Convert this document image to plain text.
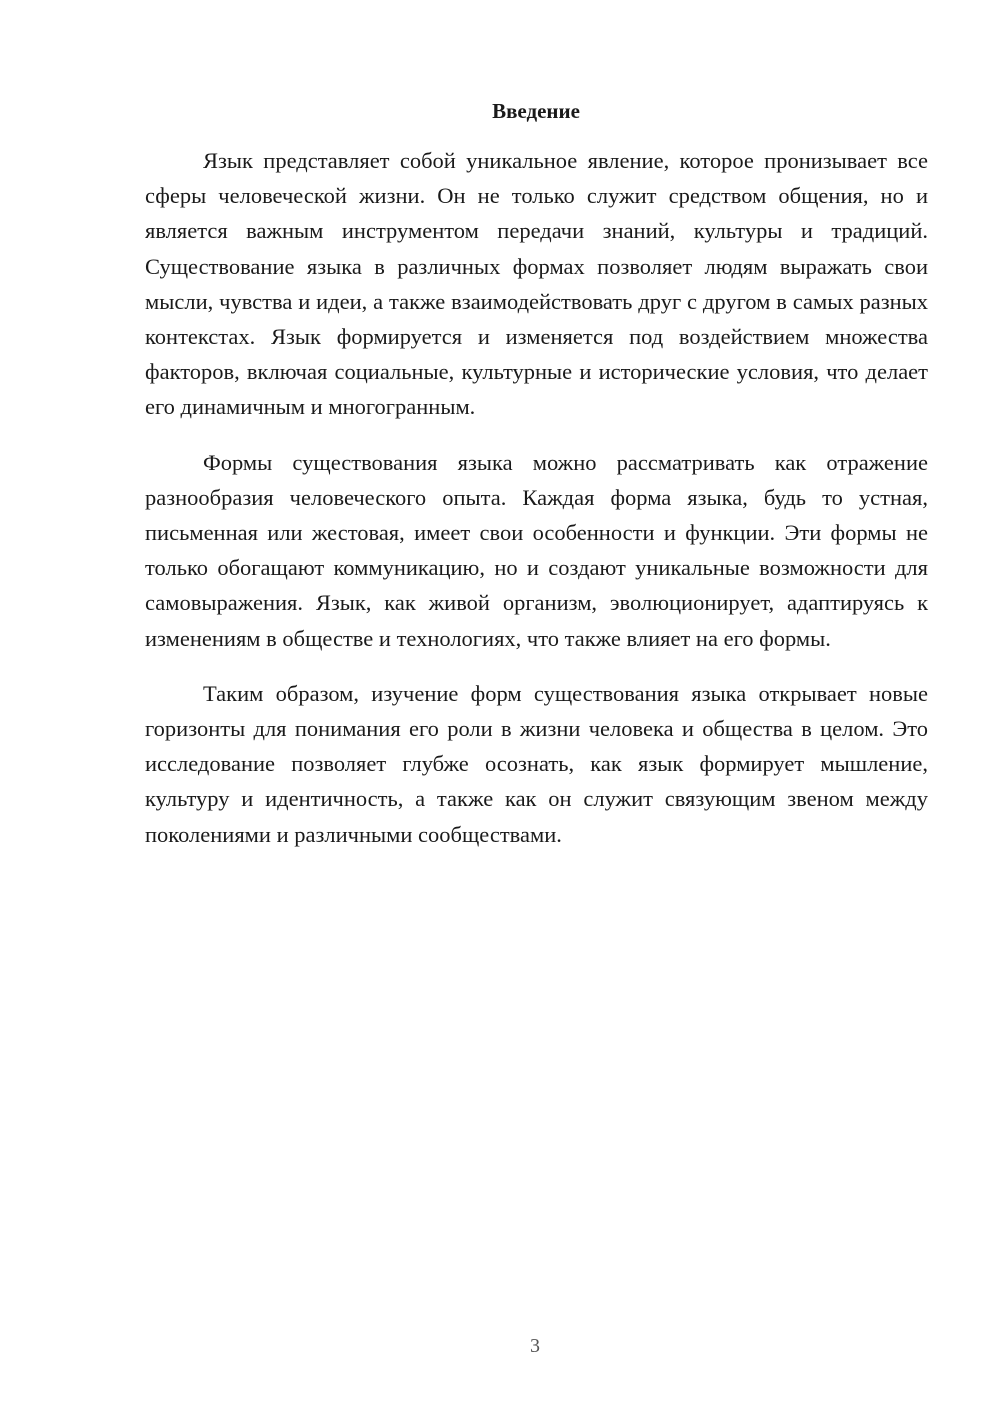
Введение

Язык представляет собой уникальное явление, которое пронизывает все сферы человеческой жизни. Он не только служит средством общения, но и является важным инструментом передачи знаний, культуры и традиций. Существование языка в различных формах позволяет людям выражать свои мысли, чувства и идеи, а также взаимодействовать друг с другом в самых разных контекстах. Язык формируется и изменяется под воздействием множества факторов, включая социальные, культурные и исторические условия, что делает его динамичным и многогранным.

Формы существования языка можно рассматривать как отражение разнообразия человеческого опыта. Каждая форма языка, будь то устная, письменная или жестовая, имеет свои особенности и функции. Эти формы не только обогащают коммуникацию, но и создают уникальные возможности для самовыражения. Язык, как живой организм, эволюционирует, адаптируясь к изменениям в обществе и технологиях, что также влияет на его формы.

Таким образом, изучение форм существования языка открывает новые горизонты для понимания его роли в жизни человека и общества в целом. Это исследование позволяет глубже осознать, как язык формирует мышление, культуру и идентичность, а также как он служит связующим звеном между поколениями и различными сообществами.

3
